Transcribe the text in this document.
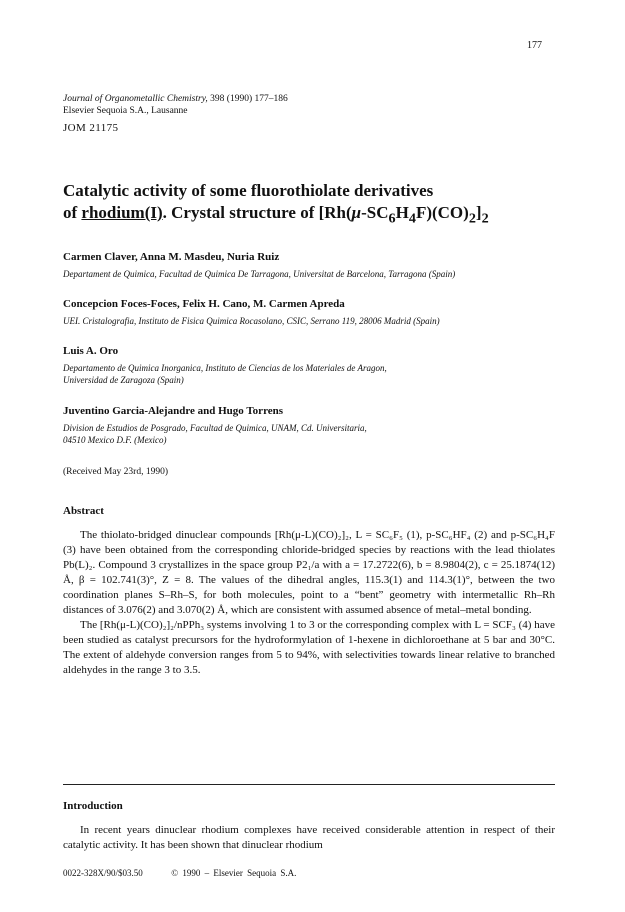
177
Journal of Organometallic Chemistry, 398 (1990) 177–186
Elsevier Sequoia S.A., Lausanne
JOM 21175
Catalytic activity of some fluorothiolate derivatives
of rhodium(I). Crystal structure of $[Rh(\mu-SC_6H_4F)(CO)_2]_2$
Carmen Claver, Anna M. Masdeu, Nuria Ruiz
Departament de Quimica, Facultad de Quimica De Tarragona, Universitat de Barcelona, Tarragona (Spain)
Concepcion Foces-Foces, Felix H. Cano, M. Carmen Apreda
UEI. Cristalografia, Instituto de Fisica Quimica Rocasolano, CSIC, Serrano 119, 28006 Madrid (Spain)
Luis A. Oro
Departamento de Quimica Inorganica, Instituto de Ciencias de los Materiales de Aragon,
Universidad de Zaragoza (Spain)
Juventino Garcia-Alejandre and Hugo Torrens
Division de Estudios de Posgrado, Facultad de Quimica, UNAM, Cd. Universitaria,
04510 Mexico D.F. (Mexico)
(Received May 23rd, 1990)
Abstract

The thiolato-bridged dinuclear compounds [Rh(μ-L)(CO)₂]₂, L = SC₆F₅ (1), p-SC₆HF₄ (2) and p-SC₆H₄F (3) have been obtained from the corresponding chloride-bridged species by reactions with the lead thiolates Pb(L)₂. Compound 3 crystallizes in the space group P2₁/a with a = 17.2722(6), b = 8.9804(2), c = 25.1874(12) Å, β = 102.741(3)°, Z = 8. The values of the dihedral angles, 115.3(1) and 114.3(1)°, between the two coordination planes S–Rh–S, for both molecules, point to a “bent” geometry with intermetallic Rh–Rh distances of 3.076(2) and 3.070(2) Å, which are consistent with assumed absence of metal–metal bonding.

The [Rh(μ-L)(CO)₂]₂/nPPh₃ systems involving 1 to 3 or the corresponding complex with L = SCF₃ (4) have been studied as catalyst precursors for the hydroformylation of 1-hexene in dichloroethane at 5 bar and 30°C. The extent of aldehyde conversion ranges from 5 to 94%, with selectivities towards linear relative to branched aldehydes in the range 3 to 3.5.

Introduction

In recent years dinuclear rhodium complexes have received considerable attention in respect of their catalytic activity. It has been shown that dinuclear rhodium

0022-328X/90/$03.50	© 1990 – Elsevier Sequoia S.A.
